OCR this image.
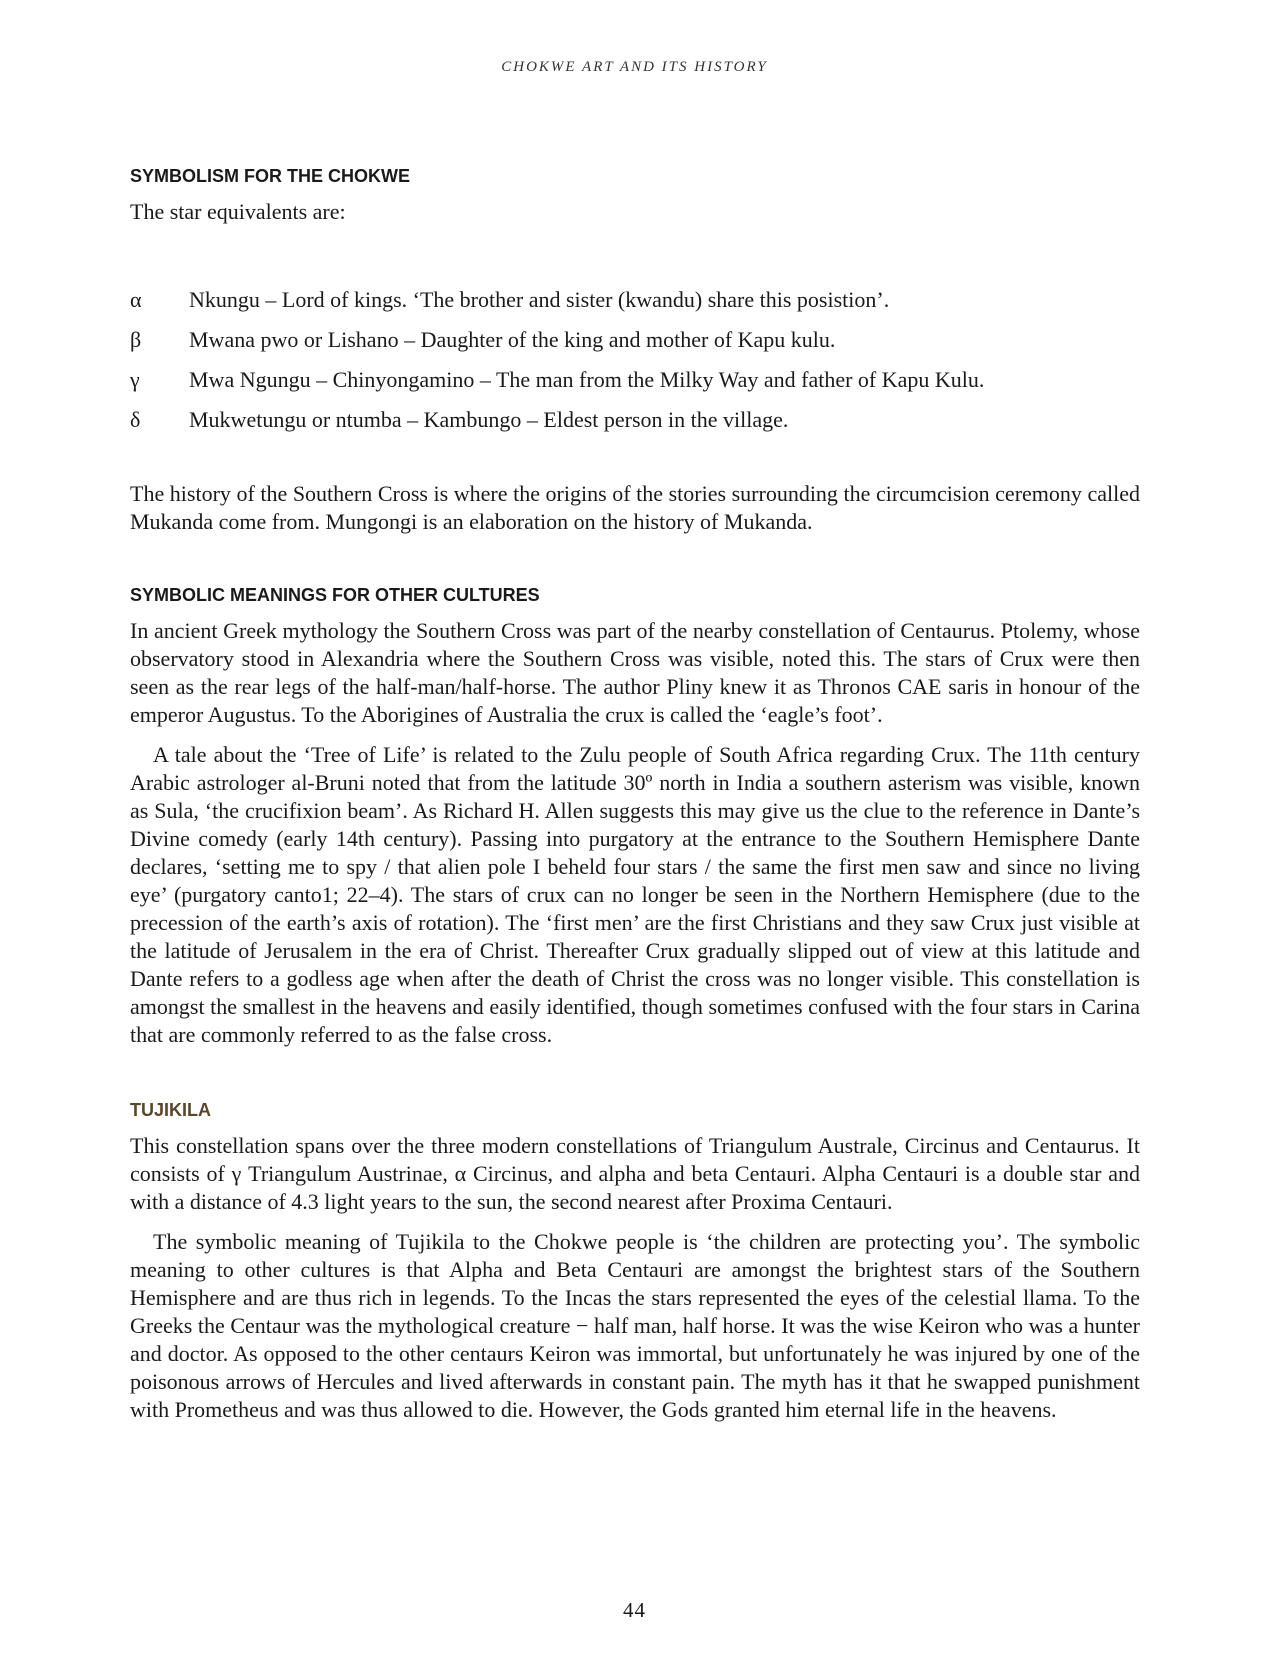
CHOKWE ART AND ITS HISTORY
SYMBOLISM FOR THE CHOKWE

The star equivalents are:

α	Nkungu – Lord of kings. ‘The brother and sister (kwandu) share this posistion’.
β	Mwana pwo or Lishano – Daughter of the king and mother of Kapu kulu.
γ	Mwa Ngungu – Chinyongamino – The man from the Milky Way and father of Kapu Kulu.
δ	Mukwetungu or ntumba – Kambungo – Eldest person in the village.

The history of the Southern Cross is where the origins of the stories surrounding the circumcision ceremony called Mukanda come from. Mungongi is an elaboration on the history of Mukanda.

SYMBOLIC MEANINGS FOR OTHER CULTURES

In ancient Greek mythology the Southern Cross was part of the nearby constellation of Centaurus. Ptolemy, whose observatory stood in Alexandria where the Southern Cross was visible, noted this. The stars of Crux were then seen as the rear legs of the half-man/half-horse. The author Pliny knew it as Thronos CAE saris in honour of the emperor Augustus. To the Aborigines of Australia the crux is called the ‘eagle’s foot’.

A tale about the ‘Tree of Life’ is related to the Zulu people of South Africa regarding Crux. The 11th century Arabic astrologer al-Bruni noted that from the latitude 30º north in India a southern asterism was visible, known as Sula, ‘the crucifixion beam’. As Richard H. Allen suggests this may give us the clue to the reference in Dante’s Divine comedy (early 14th century). Passing into purgatory at the entrance to the Southern Hemisphere Dante declares, ‘setting me to spy / that alien pole I beheld four stars / the same the first men saw and since no living eye’ (purgatory canto1; 22–4). The stars of crux can no longer be seen in the Northern Hemisphere (due to the precession of the earth’s axis of rotation). The ‘first men’ are the first Christians and they saw Crux just visible at the latitude of Jerusalem in the era of Christ. Thereafter Crux gradually slipped out of view at this latitude and Dante refers to a godless age when after the death of Christ the cross was no longer visible. This constellation is amongst the smallest in the heavens and easily identified, though sometimes confused with the four stars in Carina that are commonly referred to as the false cross.

TUJIKILA

This constellation spans over the three modern constellations of Triangulum Australe, Circinus and Centaurus. It consists of γ Triangulum Austrinae, α Circinus, and alpha and beta Centauri. Alpha Centauri is a double star and with a distance of 4.3 light years to the sun, the second nearest after Proxima Centauri.

The symbolic meaning of Tujikila to the Chokwe people is ‘the children are protecting you’. The symbolic meaning to other cultures is that Alpha and Beta Centauri are amongst the brightest stars of the Southern Hemisphere and are thus rich in legends. To the Incas the stars represented the eyes of the celestial llama. To the Greeks the Centaur was the mythological creature − half man, half horse. It was the wise Keiron who was a hunter and doctor. As opposed to the other centaurs Keiron was immortal, but unfortunately he was injured by one of the poisonous arrows of Hercules and lived afterwards in constant pain. The myth has it that he swapped punishment with Prometheus and was thus allowed to die. However, the Gods granted him eternal life in the heavens.

44
